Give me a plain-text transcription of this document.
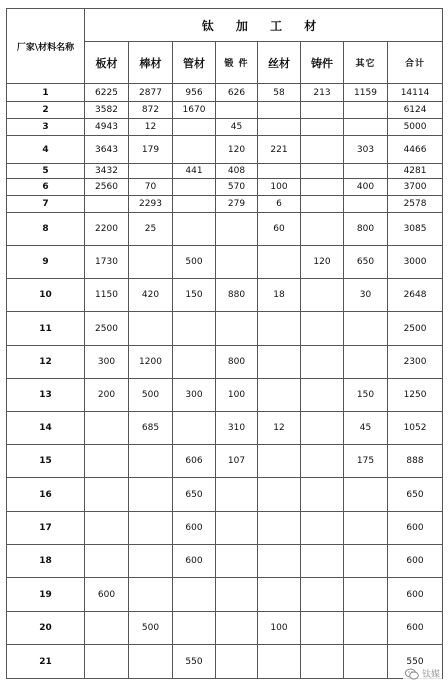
厂家\材料名称	钛 加 工 材							
	板材	棒材	管材	锻 件	丝材	铸件	其它	合计
1	6225	2877	956	626	58	213	1159	14114
2	3582	872	1670					6124
3	4943	12		45				5000
4	3643	179		120	221		303	4466
5	3432		441	408				4281
6	2560	70		570	100		400	3700
7		2293		279	6			2578
8	2200	25			60		800	3085
9	1730		500			120	650	3000
10	1150	420	150	880	18		30	2648
11	2500							2500
12	300	1200		800				2300
13	200	500	300	100			150	1250
14		685		310	12		45	1052
15			606	107			175	888
16			650					650
17			600					600
18			600					600
19	600							600
20		500			100			600
21			550					550
钛媒
